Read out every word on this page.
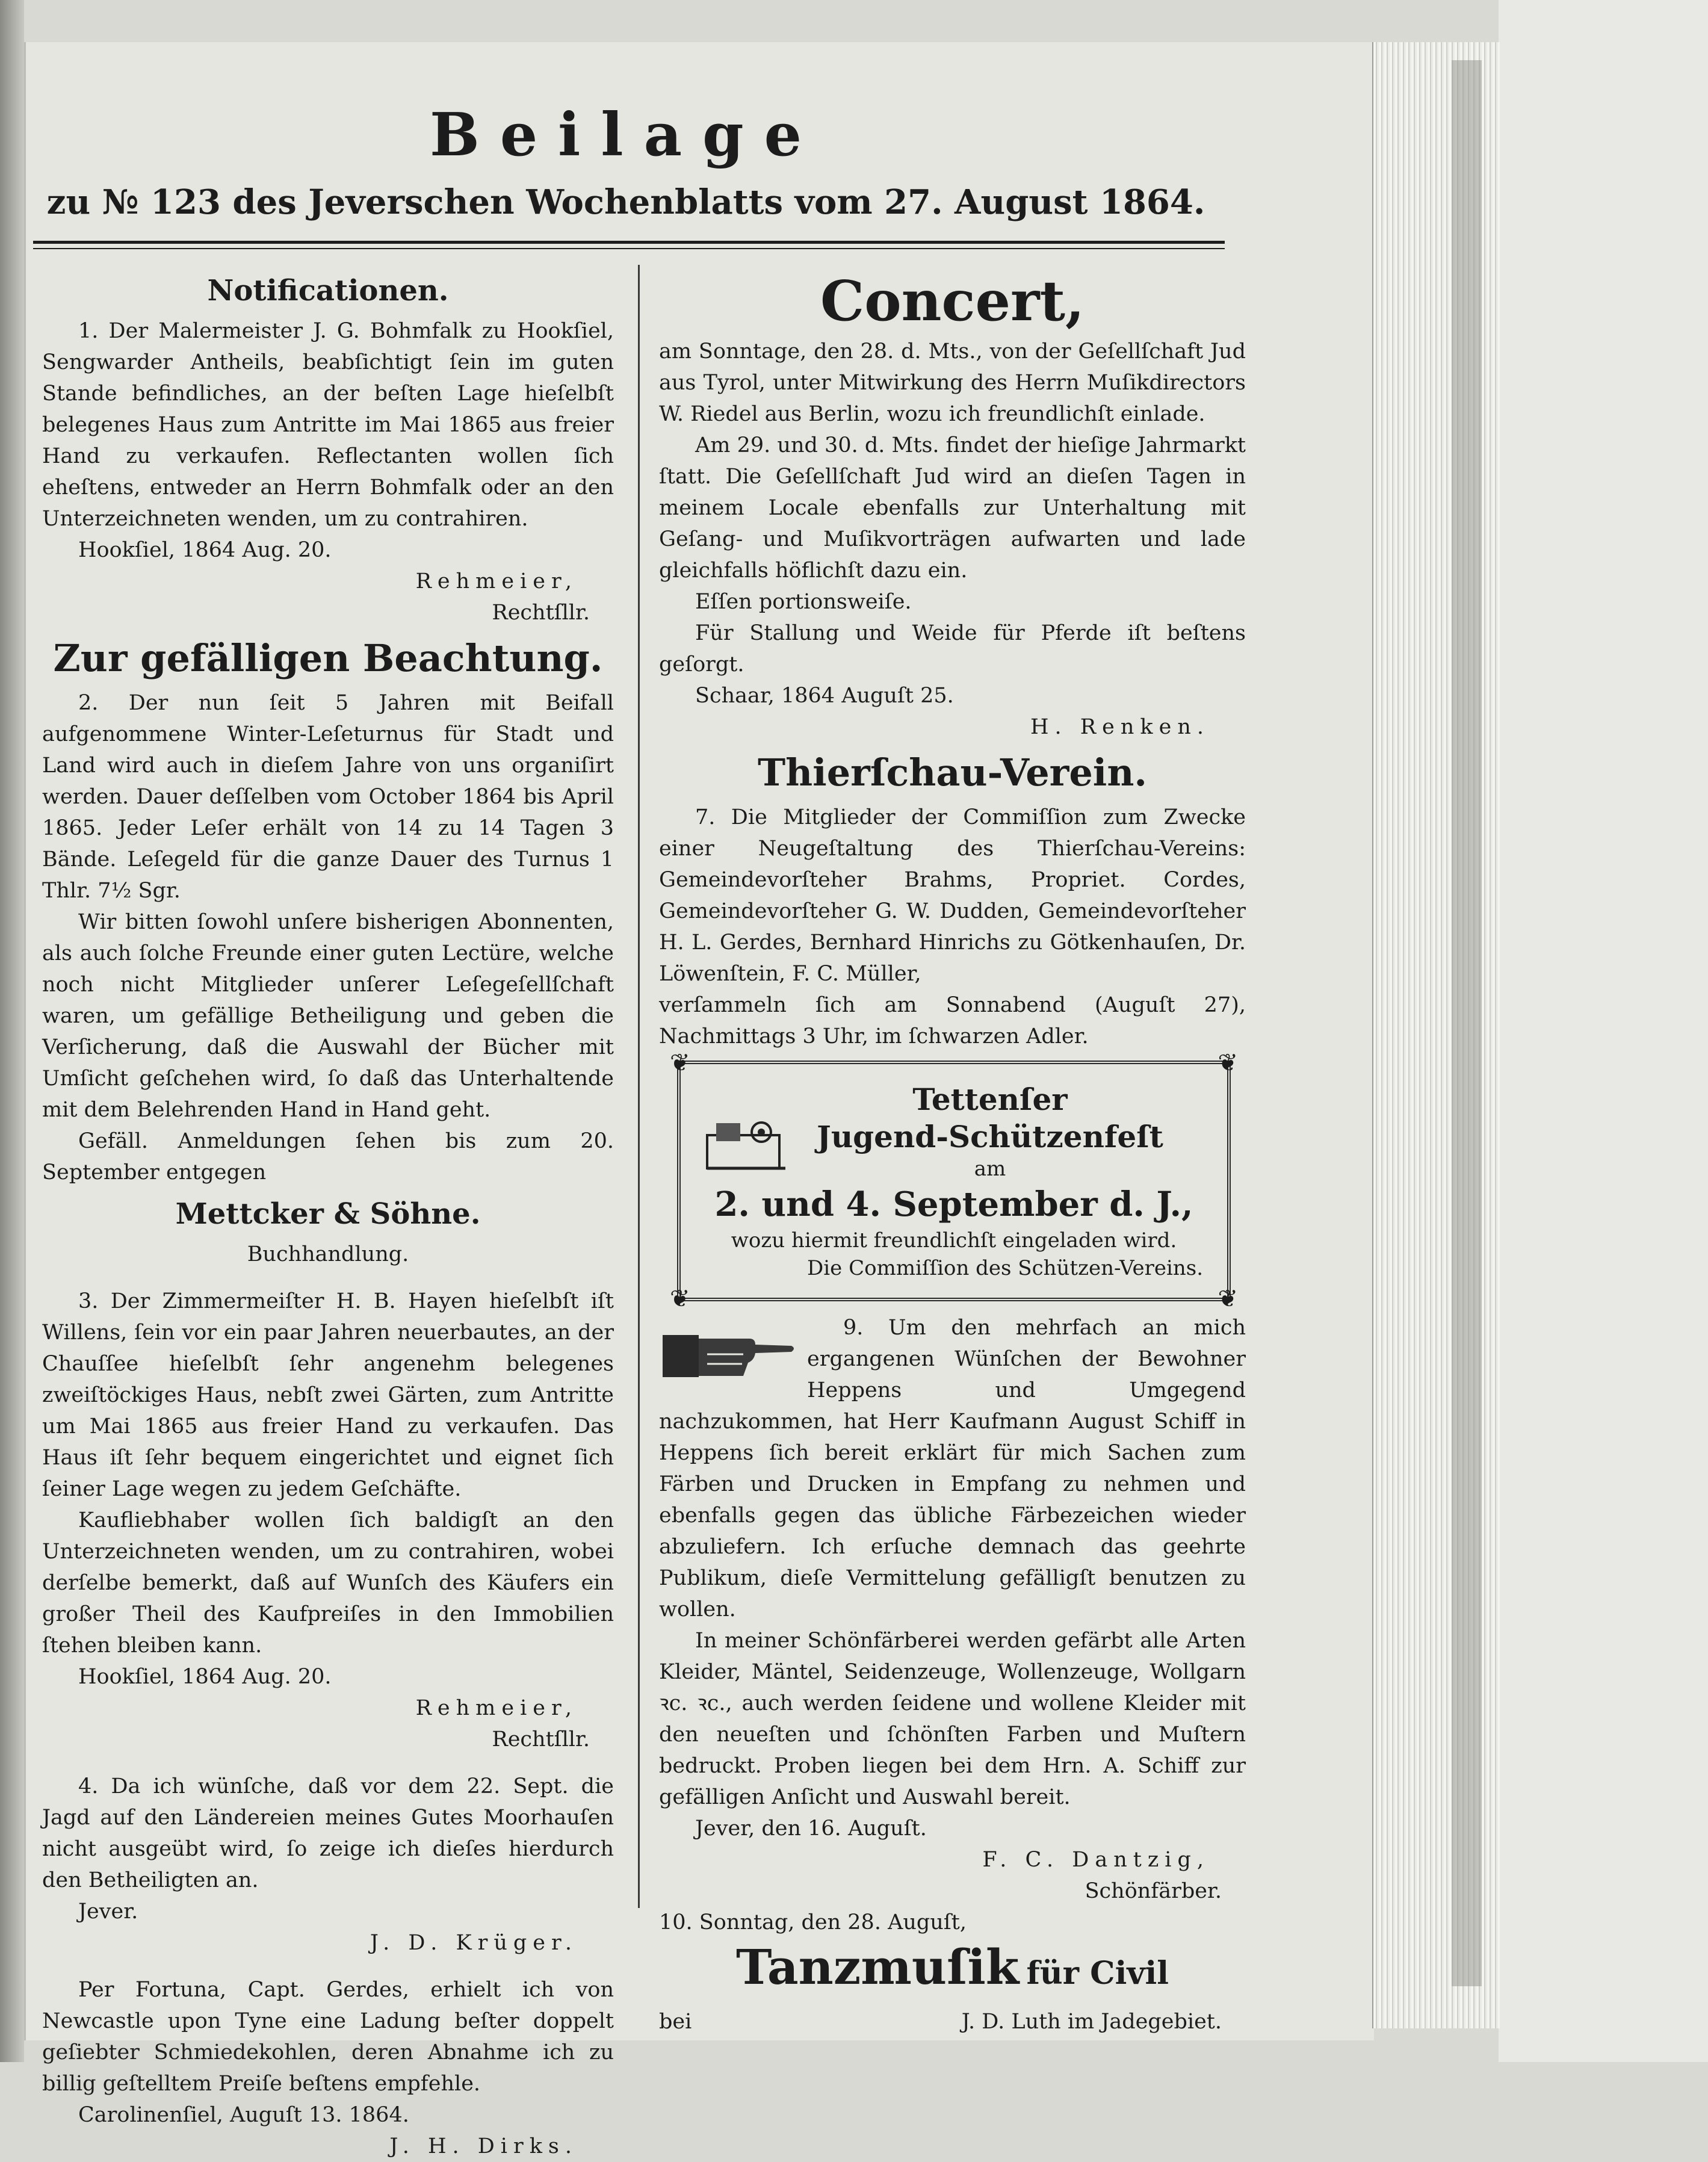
Beilage
zu № 123 des Jeverschen Wochenblatts vom 27. August 1864.
Notificationen.

1. Der Malermeister J. G. Bohmfalk zu Hookſiel, Sengwarder Antheils, beabſichtigt ſein im guten Stande befindliches, an der beſten Lage hieſelbſt belegenes Haus zum Antritte im Mai 1865 aus freier Hand zu verkaufen. Reflectanten wollen ſich eheſtens, entweder an Herrn Bohmfalk oder an den Unterzeichneten wenden, um zu contrahiren.

Hookſiel, 1864 Aug. 20.

Rehmeier,

Rechtſllr.

Zur gefälligen Beachtung.

2. Der nun ſeit 5 Jahren mit Beifall aufgenommene Winter-Leſeturnus für Stadt und Land wird auch in dieſem Jahre von uns organiſirt werden. Dauer deſſelben vom October 1864 bis April 1865. Jeder Leſer erhält von 14 zu 14 Tagen 3 Bände. Leſegeld für die ganze Dauer des Turnus 1 Thlr. 7½ Sgr.

Wir bitten ſowohl unſere bisherigen Abonnenten, als auch ſolche Freunde einer guten Lectüre, welche noch nicht Mitglieder unſerer Leſegeſellſchaft waren, um gefällige Betheiligung und geben die Verſicherung, daß die Auswahl der Bücher mit Umſicht geſchehen wird, ſo daß das Unterhaltende mit dem Belehrenden Hand in Hand geht.

Gefäll. Anmeldungen ſehen bis zum 20. September entgegen

Mettcker & Söhne.

Buchhandlung.

3. Der Zimmermeiſter H. B. Hayen hieſelbſt iſt Willens, ſein vor ein paar Jahren neuerbautes, an der Chauſſee hieſelbſt ſehr angenehm belegenes zweiſtöckiges Haus, nebſt zwei Gärten, zum Antritte um Mai 1865 aus freier Hand zu verkaufen. Das Haus iſt ſehr bequem eingerichtet und eignet ſich ſeiner Lage wegen zu jedem Geſchäfte.

Kaufliebhaber wollen ſich baldigſt an den Unterzeichneten wenden, um zu contrahiren, wobei derſelbe bemerkt, daß auf Wunſch des Käufers ein großer Theil des Kaufpreiſes in den Immobilien ſtehen bleiben kann.

Hookſiel, 1864 Aug. 20.

Rehmeier,

Rechtſllr.

4. Da ich wünſche, daß vor dem 22. Sept. die Jagd auf den Ländereien meines Gutes Moorhauſen nicht ausgeübt wird, ſo zeige ich dieſes hierdurch den Betheiligten an.

Jever.

J. D. Krüger.

Per Fortuna, Capt. Gerdes, erhielt ich von Newcastle upon Tyne eine Ladung beſter doppelt geſiebter Schmiedekohlen, deren Abnahme ich zu billig geſtelltem Preiſe beſtens empfehle.

Carolinenſiel, Auguſt 13. 1864.

J. H. Dirks.

Concert,

am Sonntage, den 28. d. Mts., von der Geſellſchaft Jud aus Tyrol, unter Mitwirkung des Herrn Muſikdirectors W. Riedel aus Berlin, wozu ich freundlichſt einlade.

Am 29. und 30. d. Mts. findet der hieſige Jahrmarkt ſtatt. Die Geſellſchaft Jud wird an dieſen Tagen in meinem Locale ebenfalls zur Unterhaltung mit Geſang- und Muſikvorträgen aufwarten und lade gleichfalls höflichſt dazu ein.

Eſſen portionsweiſe.

Für Stallung und Weide für Pferde iſt beſtens geſorgt.

Schaar, 1864 Auguſt 25.

H. Renken.

Thierſchau-Verein.

7. Die Mitglieder der Commiſſion zum Zwecke einer Neugeſtaltung des Thierſchau-Vereins: Gemeindevorſteher Brahms, Propriet. Cordes, Gemeindevorſteher G. W. Dudden, Gemeindevorſteher H. L. Gerdes, Bernhard Hinrichs zu Götkenhauſen, Dr. Löwenſtein, F. C. Müller,

verſammeln ſich am Sonnabend (Auguſt 27), Nachmittags 3 Uhr, im ſchwarzen Adler.

❦	❦
❦	❦
Tettenſer
Jugend-Schützenfeſt
am
2. und 4. September d. J.,
wozu hiermit freundlichſt eingeladen wird.
Die Commiſſion des Schützen-Vereins.

9. Um den mehrfach an mich ergangenen Wünſchen der Bewohner Heppens und Umgegend nachzukommen, hat Herr Kaufmann August Schiff in Heppens ſich bereit erklärt für mich Sachen zum Färben und Drucken in Empfang zu nehmen und ebenfalls gegen das übliche Färbezeichen wieder abzuliefern. Ich erſuche demnach das geehrte Publikum, dieſe Vermittelung gefälligſt benutzen zu wollen.

In meiner Schönfärberei werden gefärbt alle Arten Kleider, Mäntel, Seidenzeuge, Wollenzeuge, Wollgarn ꝛc. ꝛc., auch werden ſeidene und wollene Kleider mit den neueſten und ſchönſten Farben und Muſtern bedruckt. Proben liegen bei dem Hrn. A. Schiff zur gefälligen Anſicht und Auswahl bereit.

Jever, den 16. Auguſt.

F. C. Dantzig,

Schönfärber.

10. Sonntag, den 28. Auguſt,

Tanzmuſik für Civil

bei	J. D. Luth im Jadegebiet.
